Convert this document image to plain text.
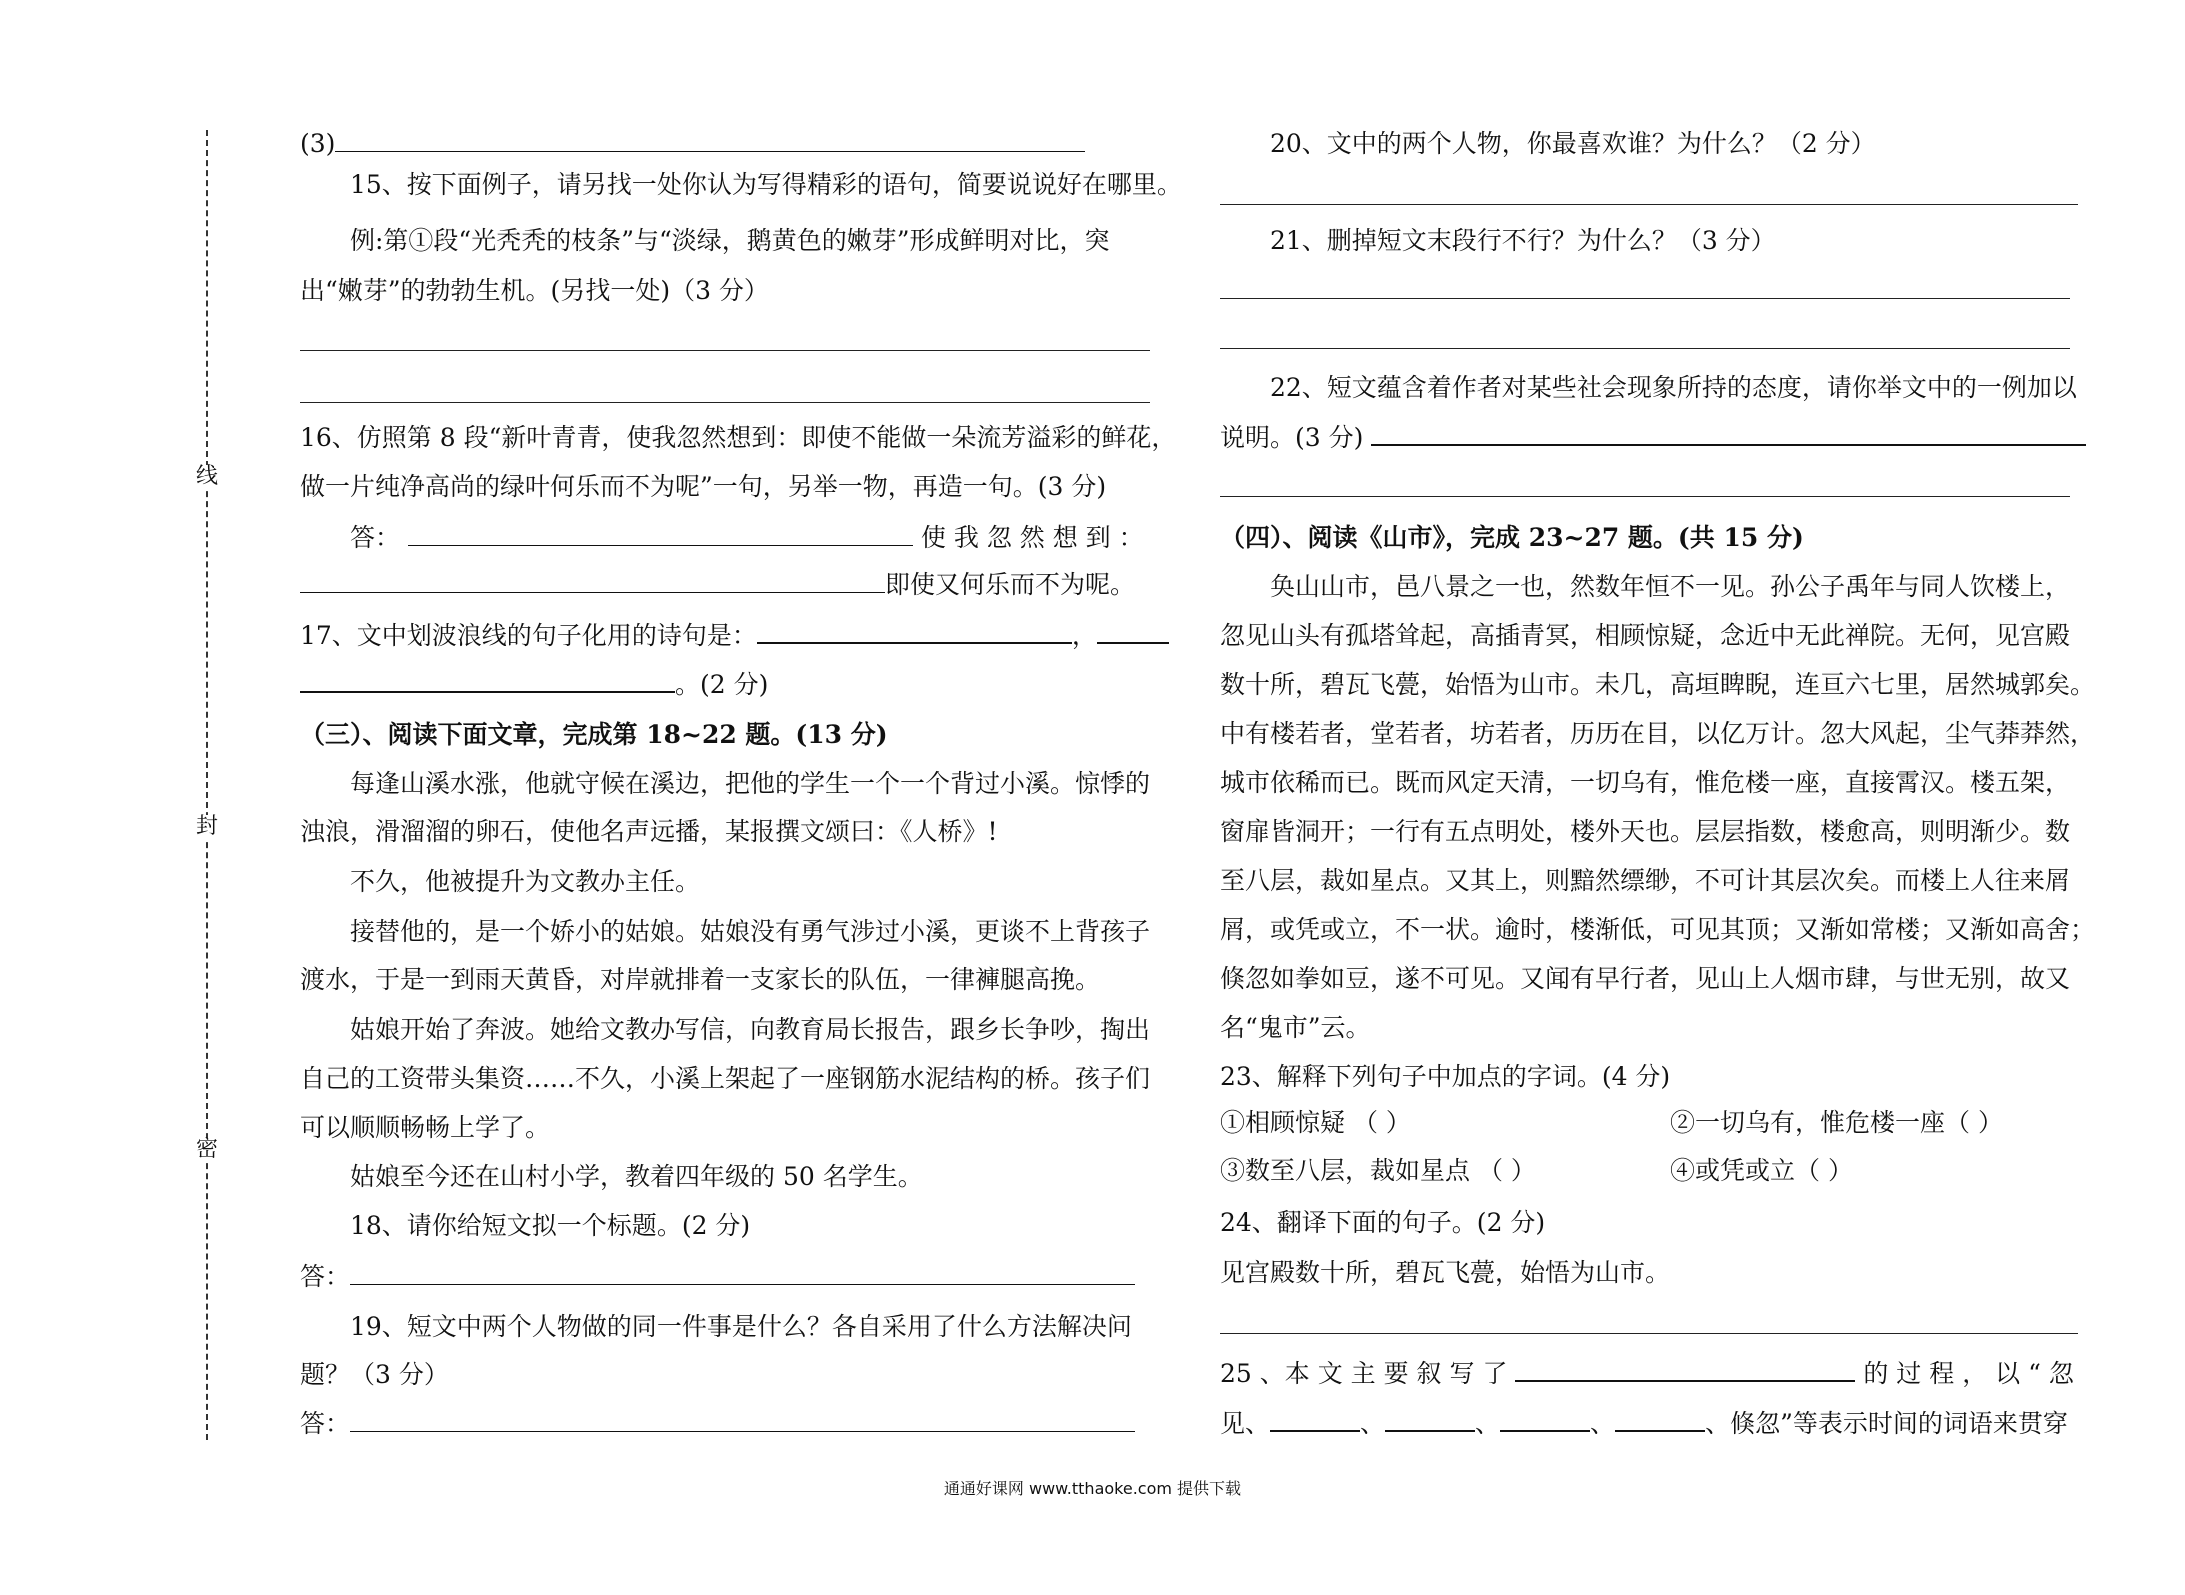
线
封
密
(3)
15、按下面例子，请另找一处你认为写得精彩的语句，简要说说好在哪里。
例:第①段“光秃秃的枝条”与“淡绿，鹅黄色的嫩芽”形成鲜明对比，突
出“嫩芽”的勃勃生机。(另找一处)（3 分）
16、仿照第 8 段“新叶青青，使我忽然想到：即使不能做一朵流芳溢彩的鲜花，
做一片纯净高尚的绿叶何乐而不为呢”一句，另举一物，再造一句。(3 分)
答：	使 我 忽 然 想 到 ：
即使又何乐而不为呢。
17、文中划波浪线的句子化用的诗句是：	，
。(2 分)
（三）、阅读下面文章，完成第 18~22 题。(13 分)
每逢山溪水涨，他就守候在溪边，把他的学生一个一个背过小溪。惊悸的
浊浪，滑溜溜的卵石，使他名声远播，某报撰文颂曰：《人桥》!
不久，他被提升为文教办主任。
接替他的，是一个娇小的姑娘。姑娘没有勇气涉过小溪，更谈不上背孩子
渡水，于是一到雨天黄昏，对岸就排着一支家长的队伍，一律褲腿高挽。
姑娘开始了奔波。她给文教办写信，向教育局长报告，跟乡长争吵，掏出
自己的工资带头集资……不久，小溪上架起了一座钢筋水泥结构的桥。孩子们
可以顺顺畅畅上学了。
姑娘至今还在山村小学，教着四年级的 50 名学生。
18、请你给短文拟一个标题。(2 分)
答：
19、短文中两个人物做的同一件事是什么？各自采用了什么方法解决问
题？（3 分）
答：
20、文中的两个人物，你最喜欢谁？为什么？（2 分）
21、删掉短文末段行不行？为什么？（3 分）
22、短文蕴含着作者对某些社会现象所持的态度，请你举文中的一例加以
说明。(3 分)
（四）、阅读《山市》，完成 23~27 题。(共 15 分)
奂山山市，邑八景之一也，然数年恒不一见。孙公子禹年与同人饮楼上，
忽见山头有孤塔耸起，高插青冥，相顾惊疑，念近中无此禅院。无何，见宫殿
数十所，碧瓦飞甍，始悟为山市。未几，高垣睥睨，连亘六七里，居然城郭矣。
中有楼若者，堂若者，坊若者，历历在目，以亿万计。忽大风起，尘气莽莽然，
城市依稀而已。既而风定天清，一切乌有，惟危楼一座，直接霄汉。楼五架，
窗扉皆洞开；一行有五点明处，楼外天也。层层指数，楼愈高，则明渐少。数
至八层，裁如星点。又其上，则黯然缥缈，不可计其层次矣。而楼上人往来屑
屑，或凭或立，不一状。逾时，楼渐低，可见其顶；又渐如常楼；又渐如高舍；
倏忽如拳如豆，遂不可见。又闻有早行者，见山上人烟市肆，与世无别，故又
名“鬼市”云。
23、解释下列句子中加点的字词。(4 分)
①相顾惊疑 （ ）	②一切乌有，惟危楼一座（ ）
③数至八层，裁如星点 （ ）	④或凭或立（ ）
24、翻译下面的句子。(2 分)
见宫殿数十所，碧瓦飞甍，始悟为山市。
25 、本 文 主 要 叙 写 了	的 过 程 ， 以 “ 忽
见、	、	、	、	、倏忽”等表示时间的词语来贯穿
通通好课网 www.tthaoke.com 提供下载
